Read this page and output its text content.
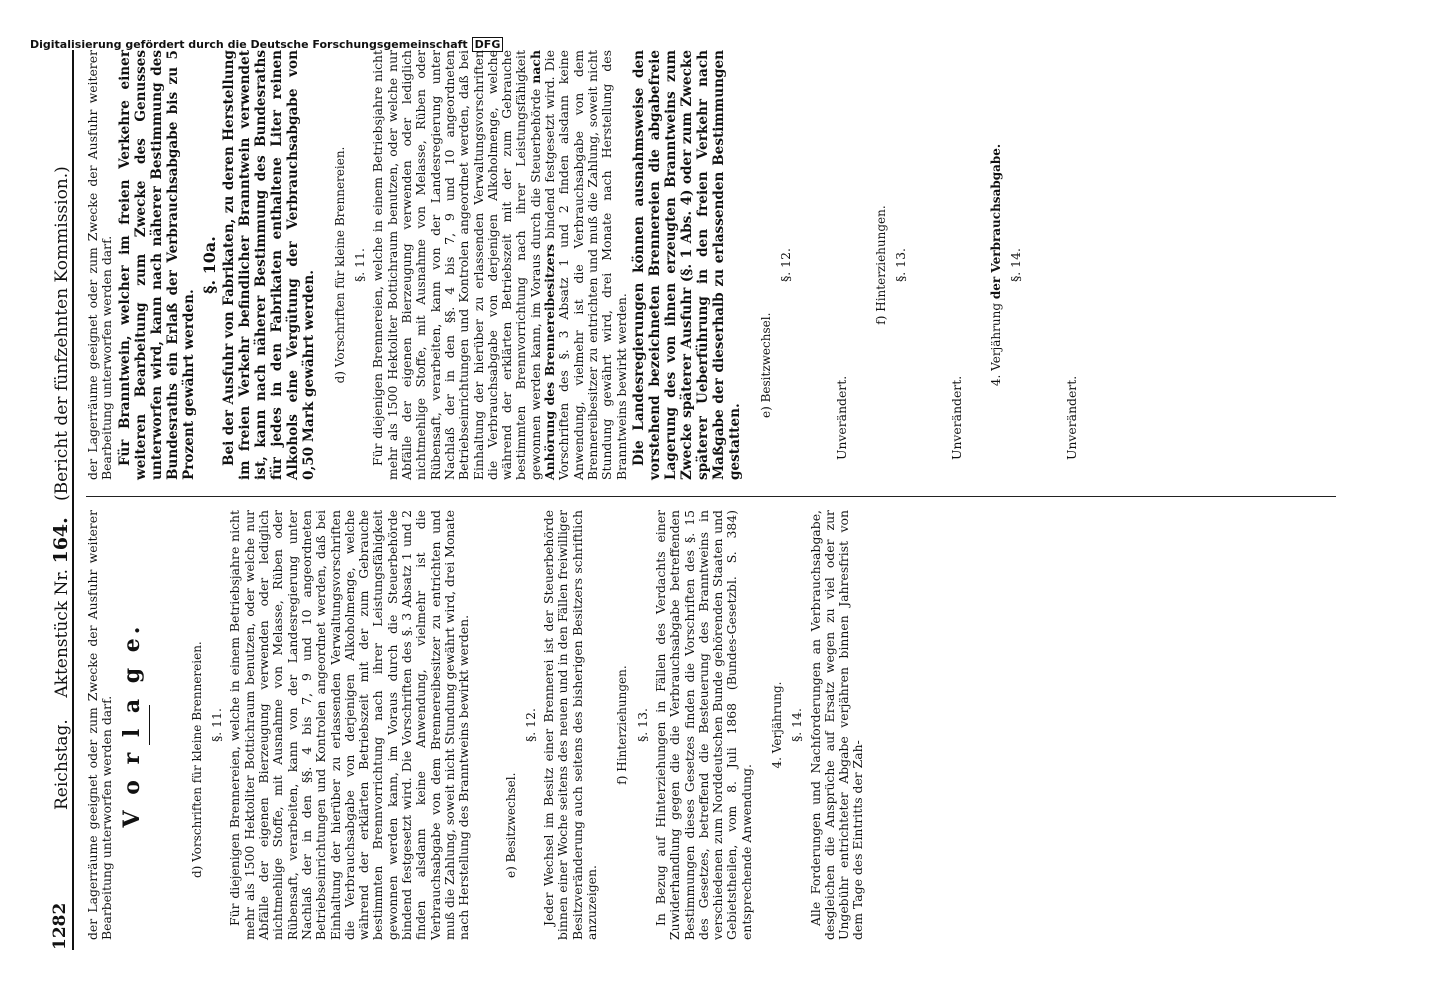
1282
Reichstag.    Aktenstück Nr. 164.   (Bericht der fünfzehnten Kommission.)
Digitalisierung gefördert durch die Deutsche Forschungsgemeinschaft DFG

der Lagerräume geeignet oder zum Zwecke der Ausfuhr weiterer Bearbeitung unterworfen werden darf. V o r l a g e.	d) Vorschriften für kleine Brennereien. §. 11. Für diejenigen Brennereien, welche in einem Betriebsjahre nicht mehr als 1500 Hektoliter Bottichraum benutzen, oder welche nur Abfälle der eigenen Bierzeugung verwenden oder lediglich nichtmehlige Stoffe, mit Ausnahme von Melasse, Rüben oder Rübensaft, verarbeiten, kann von der Landesregierung unter Nachlaß der in den §§. 4 bis 7, 9 und 10 angeordneten Betriebseinrichtungen und Kontrolen angeordnet werden, daß bei Einhaltung der hierüber zu erlassenden Verwaltungsvorschriften die Verbrauchsabgabe von derjenigen Alkoholmenge, welche während der erklärten Betriebszeit mit der zum Gebrauche bestimmten Brennvorrichtung nach ihrer Leistungsfähigkeit gewonnen werden kann, im Voraus durch die Steuerbehörde bindend festgesetzt wird. Die Vorschriften des §. 3 Absatz 1 und 2 finden alsdann keine Anwendung, vielmehr ist die Verbrauchsabgabe von dem Brennereibesitzer zu entrichten und muß die Zahlung, soweit nicht Stundung gewährt wird, drei Monate nach Herstellung des Branntweins bewirkt werden.	e) Besitzwechsel.
§. 12. Jeder Wechsel im Besitz einer Brennerei ist der Steuerbehörde binnen einer Woche seitens des neuen und in den Fällen freiwilliger Besitzveränderung auch seitens des bisherigen Besitzers schriftlich anzuzeigen.

f) Hinterziehungen. §. 13. In Bezug auf Hinterziehungen in Fällen des Verdachts einer Zuwiderhandlung gegen die die Verbrauchsabgabe betreffenden Bestimmungen dieses Gesetzes finden die Vorschriften des §. 15 des Gesetzes, betreffend die Besteuerung des Branntweins in verschiedenen zum Norddeutschen Bunde gehörenden Staaten und Gebietstheilen, vom 8. Juli 1868 (Bundes-Gesetzbl. S. 384) entsprechende Anwendung.

4. Verjährung. §. 14. Alle Forderungen und Nachforderungen an Verbrauchsabgabe, desgleichen die Ansprüche auf Ersatz wegen zu viel oder zur Ungebühr entrichteter Abgabe verjähren binnen Jahresfrist von dem Tage des Eintritts der Zah-

der Lagerräume geeignet oder zum Zwecke der Ausfuhr weiterer Bearbeitung unterworfen werden darf. Für Branntwein, welcher im freien Verkehre einer weiteren Bearbeitung zum Zwecke des Genusses unterworfen wird, kann nach näherer Bestimmung des Bundesraths ein Erlaß der Verbrauchsabgabe bis zu 5 Prozent gewährt werden.

§. 10a. Bei der Ausfuhr von Fabrikaten, zu deren Herstellung im freien Verkehr befindlicher Branntwein verwendet ist, kann nach näherer Bestimmung des Bundesraths für jedes in den Fabrikaten enthaltene Liter reinen Alkohols eine Vergütung der Verbrauchsabgabe von 0,50 Mark gewährt werden. d) Vorschriften für kleine Brennereien. §. 11. Für diejenigen Brennereien, welche in einem Betriebsjahre nicht mehr als 1500 Hektoliter Bottichraum benutzen, oder welche nur Abfälle der eigenen Bierzeugung verwenden oder lediglich nichtmehlige Stoffe, mit Ausnahme von Melasse, Rüben oder Rübensaft, verarbeiten, kann von der Landesregierung unter Nachlaß der in den §§. 4 bis 7, 9 und 10 angeordneten Betriebseinrichtungen und Kontrolen angeordnet werden, daß bei Einhaltung der hierüber zu erlassenden Verwaltungsvorschriften die Verbrauchsabgabe von derjenigen Alkoholmenge, welche während der erklärten Betriebszeit mit der zum Gebrauche bestimmten Brennvorrichtung nach ihrer Leistungsfähigkeit gewonnen werden kann, im Voraus durch die Steuerbehörde nach Anhörung des Brennereibesitzers bindend festgesetzt wird. Die Vorschriften des §. 3 Absatz 1 und 2 finden alsdann keine Anwendung, vielmehr ist die Verbrauchsabgabe von dem Brennereibesitzer zu entrichten und muß die Zahlung, soweit nicht Stundung gewährt wird, drei Monate nach Herstellung des Branntweins bewirkt werden. Die Landesregierungen können ausnahmsweise den vorstehend bezeichneten Brennereien die abgabefreie Lagerung des von ihnen erzeugten Branntweins zum Zwecke späterer Ausfuhr (§. 1 Abs. 4) oder zum Zwecke späterer Ueberführung in den freien Verkehr nach Maßgabe der dieserhalb zu erlassenden Bestimmungen gestatten.

e) Besitzwechsel.
§. 12.
Unverändert.
f) Hinterziehungen. §. 13.
Unverändert.
4. Verjährung der Verbrauchsabgabe. §. 14.
Unverändert.
